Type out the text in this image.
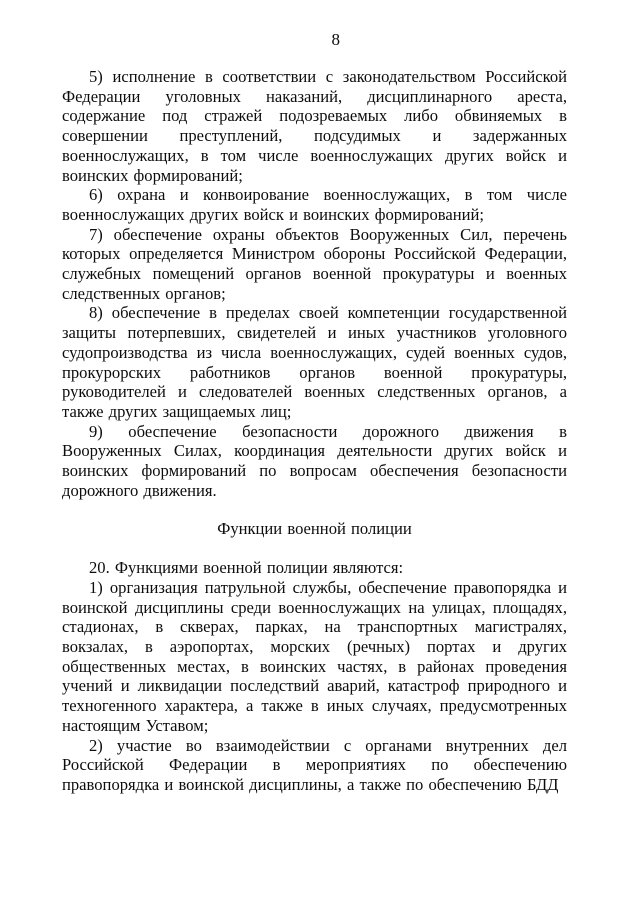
8

5) исполнение в соответствии с законодательством Российской Федерации уголовных наказаний, дисциплинарного ареста, содержание под стражей подозреваемых либо обвиняемых в совершении преступлений, подсудимых и задержанных военнослужащих, в том числе военнослужащих других войск и воинских формирований;

6) охрана и конвоирование военнослужащих, в том числе военнослужащих других войск и воинских формирований;

7) обеспечение охраны объектов Вооруженных Сил, перечень которых определяется Министром обороны Российской Федерации, служебных помещений органов военной прокуратуры и военных следственных органов;

8) обеспечение в пределах своей компетенции государственной защиты потерпевших, свидетелей и иных участников уголовного судопроизводства из числа военнослужащих, судей военных судов, прокурорских работников органов военной прокуратуры, руководителей и следователей военных следственных органов, а также других защищаемых лиц;

9) обеспечение безопасности дорожного движения в Вооруженных Силах, координация деятельности других войск и воинских формирований по вопросам обеспечения безопасности дорожного движения.

Функции военной полиции

20. Функциями военной полиции являются:

1) организация патрульной службы, обеспечение правопорядка и воинской дисциплины среди военнослужащих на улицах, площадях, стадионах, в скверах, парках, на транспортных магистралях, вокзалах, в аэропортах, морских (речных) портах и других общественных местах, в воинских частях, в районах проведения учений и ликвидации последствий аварий, катастроф природного и техногенного характера, а также в иных случаях, предусмотренных настоящим Уставом;

2) участие во взаимодействии с органами внутренних дел Российской Федерации в мероприятиях по обеспечению правопорядка и воинской дисциплины, а также по обеспечению БДД
